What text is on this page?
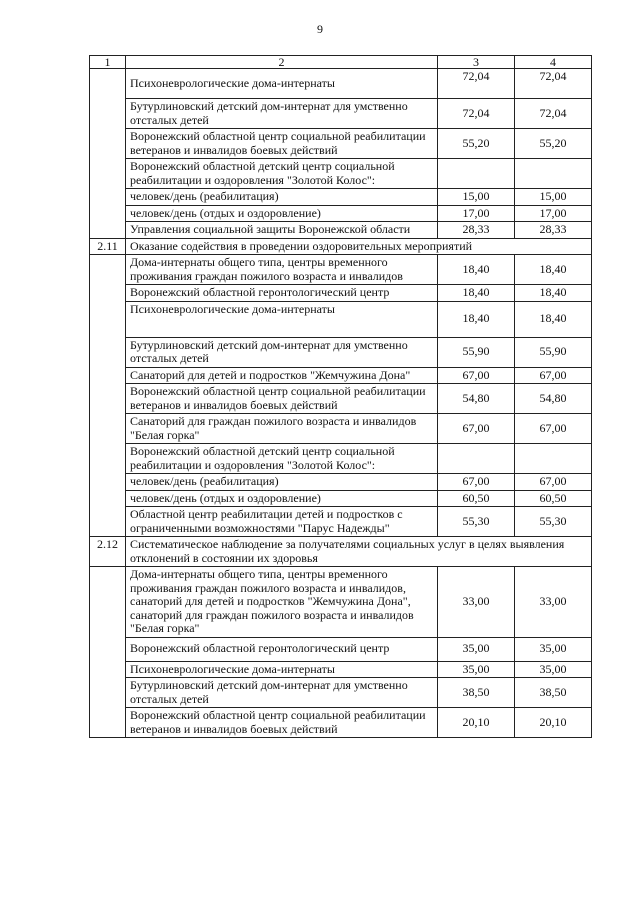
9
1	2	3	4
	Психоневрологические дома-интернаты	72,04	72,04
	Бутурлиновский детский дом-интернат для умственно отсталых детей	72,04	72,04
	Воронежский областной центр социальной реабилитации ветеранов и инвалидов боевых действий	55,20	55,20
	Воронежский областной детский центр социальной реабилитации и оздоровления "Золотой Колос":		
	человек/день (реабилитация)	15,00	15,00
	человек/день (отдых и оздоровление)	17,00	17,00
	Управления социальной защиты Воронежской области	28,33	28,33
2.11	Оказание содействия в проведении оздоровительных мероприятий		
	Дома-интернаты общего типа, центры временного проживания граждан пожилого возраста и инвалидов	18,40	18,40
	Воронежский областной геронтологический центр	18,40	18,40
	Психоневрологические дома-интернаты	18,40	18,40
	Бутурлиновский детский дом-интернат для умственно отсталых детей	55,90	55,90
	Санаторий для детей и подростков "Жемчужина Дона"	67,00	67,00
	Воронежский областной центр социальной реабилитации ветеранов и инвалидов боевых действий	54,80	54,80
	Санаторий для граждан пожилого возраста и инвалидов "Белая горка"	67,00	67,00
	Воронежский областной детский центр социальной реабилитации и оздоровления "Золотой Колос":		
	человек/день (реабилитация)	67,00	67,00
	человек/день (отдых и оздоровление)	60,50	60,50
	Областной центр реабилитации детей и подростков с ограниченными возможностями "Парус Надежды"	55,30	55,30
2.12	Систематическое наблюдение за получателями социальных услуг в целях выявления отклонений в состоянии их здоровья		
	Дома-интернаты общего типа, центры временного проживания граждан пожилого возраста и инвалидов, санаторий для детей и подростков "Жемчужина Дона", санаторий для граждан пожилого возраста и инвалидов "Белая горка"	33,00	33,00
	Воронежский областной геронтологический центр	35,00	35,00
	Психоневрологические дома-интернаты	35,00	35,00
	Бутурлиновский детский дом-интернат для умственно отсталых детей	38,50	38,50
	Воронежский областной центр социальной реабилитации ветеранов и инвалидов боевых действий	20,10	20,10
